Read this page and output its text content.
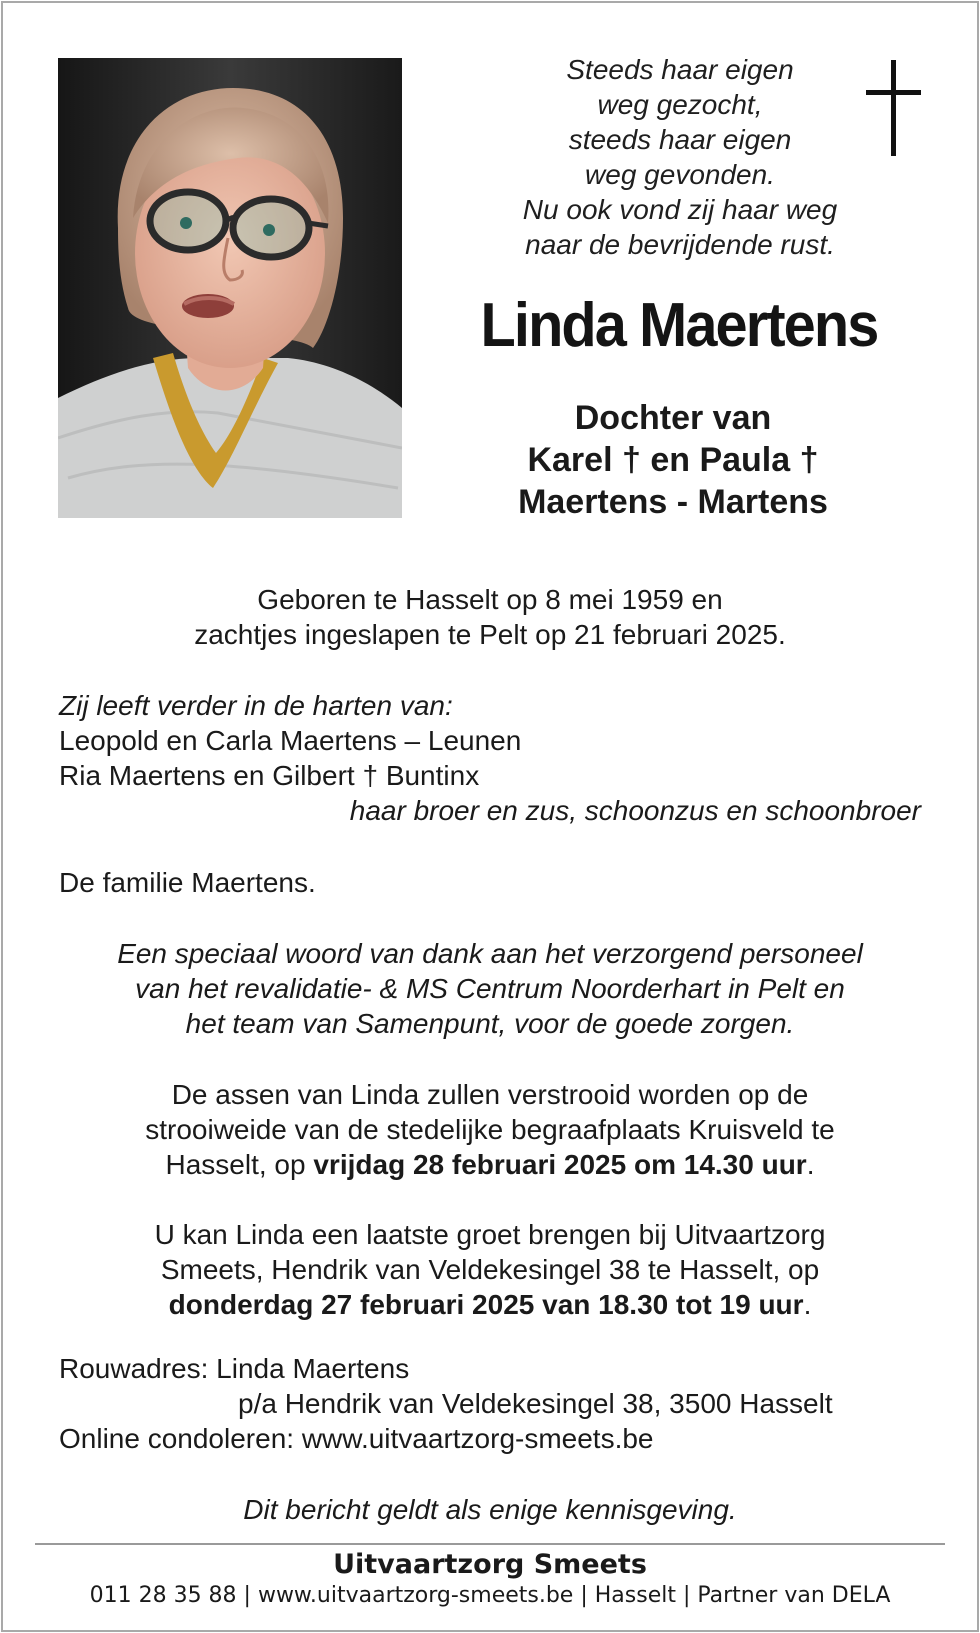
Steeds haar eigen
weg gezocht,
steeds haar eigen
weg gevonden.
Nu ook vond zij haar weg
naar de bevrijdende rust.
Linda Maertens
Dochter van
Karel † en Paula †
Maertens - Martens
Geboren te Hasselt op 8 mei 1959 en
zachtjes ingeslapen te Pelt op 21 februari 2025.
Zij leeft verder in de harten van:
Leopold en Carla Maertens – Leunen
Ria Maertens en Gilbert † Buntinx
haar broer en zus, schoonzus en schoonbroer
De familie Maertens.
Een speciaal woord van dank aan het verzorgend personeel
van het revalidatie- & MS Centrum Noorderhart in Pelt en
het team van Samenpunt, voor de goede zorgen.
De assen van Linda zullen verstrooid worden op de
strooiweide van de stedelijke begraafplaats Kruisveld te
Hasselt, op vrijdag 28 februari 2025 om 14.30 uur.
U kan Linda een laatste groet brengen bij Uitvaartzorg
Smeets, Hendrik van Veldekesingel 38 te Hasselt, op
donderdag 27 februari 2025 van 18.30 tot 19 uur.
Rouwadres: Linda Maertens
p/a Hendrik van Veldekesingel 38, 3500 Hasselt
Online condoleren: www.uitvaartzorg-smeets.be
Dit bericht geldt als enige kennisgeving.
Uitvaartzorg Smeets
011 28 35 88 | www.uitvaartzorg-smeets.be | Hasselt | Partner van DELA
